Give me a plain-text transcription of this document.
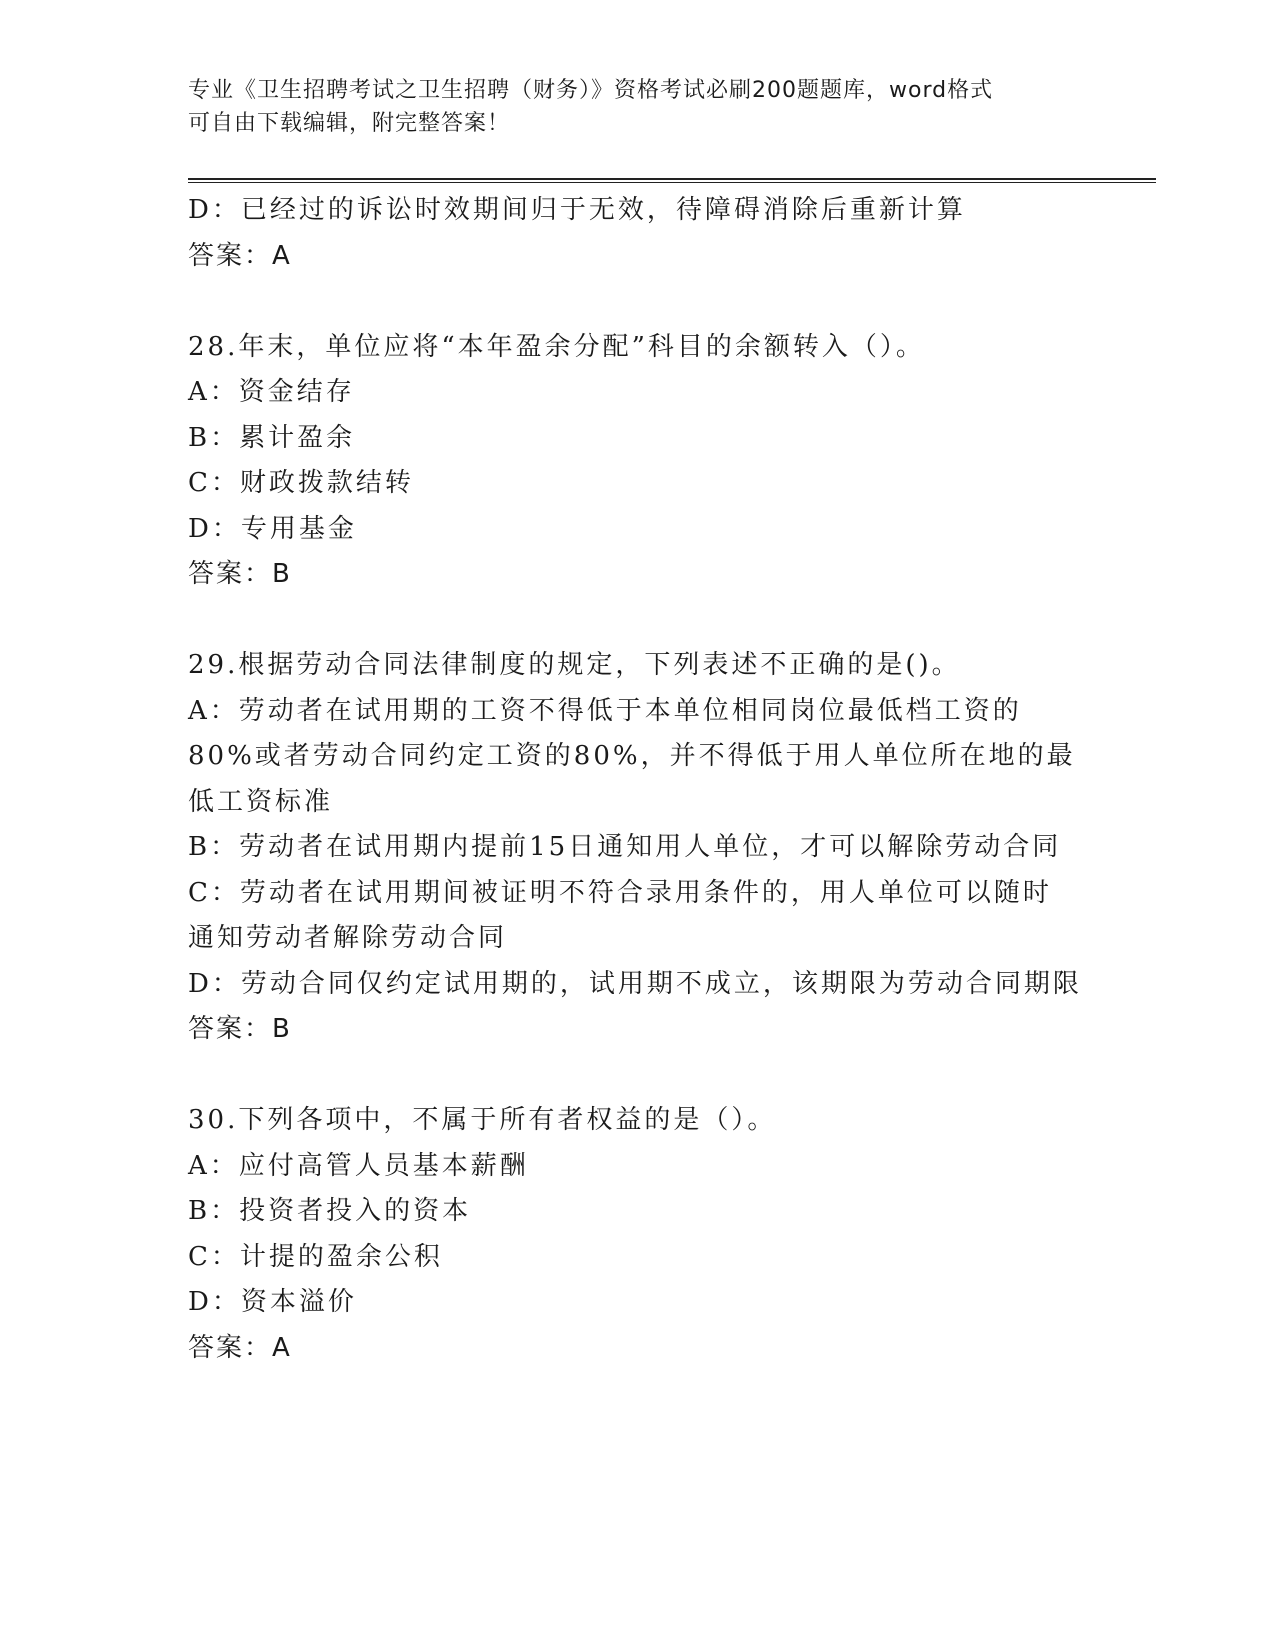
专业《卫生招聘考试之卫生招聘（财务）》资格考试必刷200题题库，word格式
可自由下载编辑，附完整答案！
D：已经过的诉讼时效期间归于无效，待障碍消除后重新计算
答案：A
28.年末，单位应将“本年盈余分配”科目的余额转入（）。
A：资金结存
B：累计盈余
C：财政拨款结转
D：专用基金
答案：B
29.根据劳动合同法律制度的规定，下列表述不正确的是()。
A：劳动者在试用期的工资不得低于本单位相同岗位最低档工资的80%或者劳动合同约定工资的80%，并不得低于用人单位所在地的最低工资标准
B：劳动者在试用期内提前15日通知用人单位，才可以解除劳动合同
C：劳动者在试用期间被证明不符合录用条件的，用人单位可以随时通知劳动者解除劳动合同
D：劳动合同仅约定试用期的，试用期不成立，该期限为劳动合同期限
答案：B
30.下列各项中，不属于所有者权益的是（）。
A：应付高管人员基本薪酬
B：投资者投入的资本
C：计提的盈余公积
D：资本溢价
答案：A
